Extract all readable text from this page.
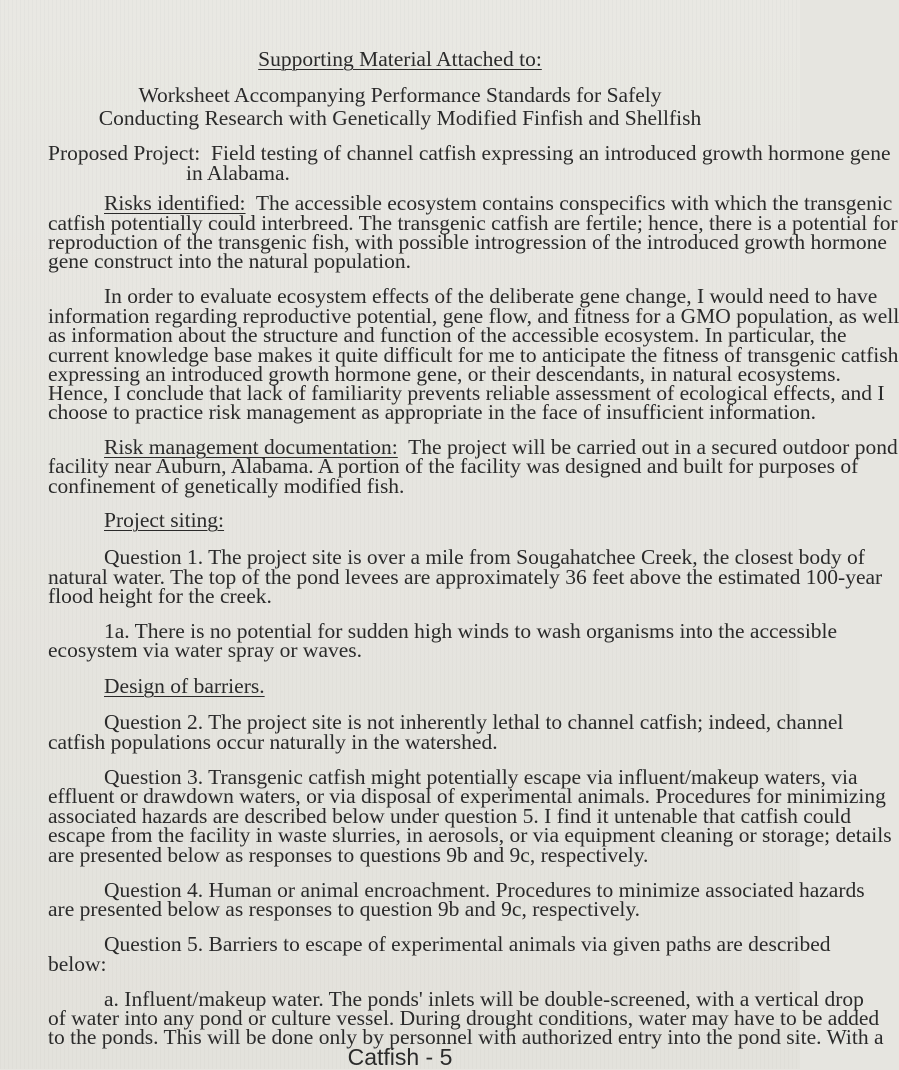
Supporting Material Attached to:
Worksheet Accompanying Performance Standards for Safely
Conducting Research with Genetically Modified Finfish and Shellfish
Proposed Project: Field testing of channel catfish expressing an introduced growth hormone gene
in Alabama.
Risks identified: The accessible ecosystem contains conspecifics with which the transgenic
catfish potentially could interbreed. The transgenic catfish are fertile; hence, there is a potential for
reproduction of the transgenic fish, with possible introgression of the introduced growth hormone
gene construct into the natural population.
In order to evaluate ecosystem effects of the deliberate gene change, I would need to have
information regarding reproductive potential, gene flow, and fitness for a GMO population, as well
as information about the structure and function of the accessible ecosystem. In particular, the
current knowledge base makes it quite difficult for me to anticipate the fitness of transgenic catfish
expressing an introduced growth hormone gene, or their descendants, in natural ecosystems.
Hence, I conclude that lack of familiarity prevents reliable assessment of ecological effects, and I
choose to practice risk management as appropriate in the face of insufficient information.
Risk management documentation: The project will be carried out in a secured outdoor pond
facility near Auburn, Alabama. A portion of the facility was designed and built for purposes of
confinement of genetically modified fish.
Project siting:
Question 1. The project site is over a mile from Sougahatchee Creek, the closest body of
natural water. The top of the pond levees are approximately 36 feet above the estimated 100-year
flood height for the creek.
1a. There is no potential for sudden high winds to wash organisms into the accessible
ecosystem via water spray or waves.
Design of barriers.
Question 2. The project site is not inherently lethal to channel catfish; indeed, channel
catfish populations occur naturally in the watershed.
Question 3. Transgenic catfish might potentially escape via influent/makeup waters, via
effluent or drawdown waters, or via disposal of experimental animals. Procedures for minimizing
associated hazards are described below under question 5. I find it untenable that catfish could
escape from the facility in waste slurries, in aerosols, or via equipment cleaning or storage; details
are presented below as responses to questions 9b and 9c, respectively.
Question 4. Human or animal encroachment. Procedures to minimize associated hazards
are presented below as responses to question 9b and 9c, respectively.
Question 5. Barriers to escape of experimental animals via given paths are described
below:
a. Influent/makeup water. The ponds' inlets will be double-screened, with a vertical drop
of water into any pond or culture vessel. During drought conditions, water may have to be added
to the ponds. This will be done only by personnel with authorized entry into the pond site. With a
Catfish - 5
